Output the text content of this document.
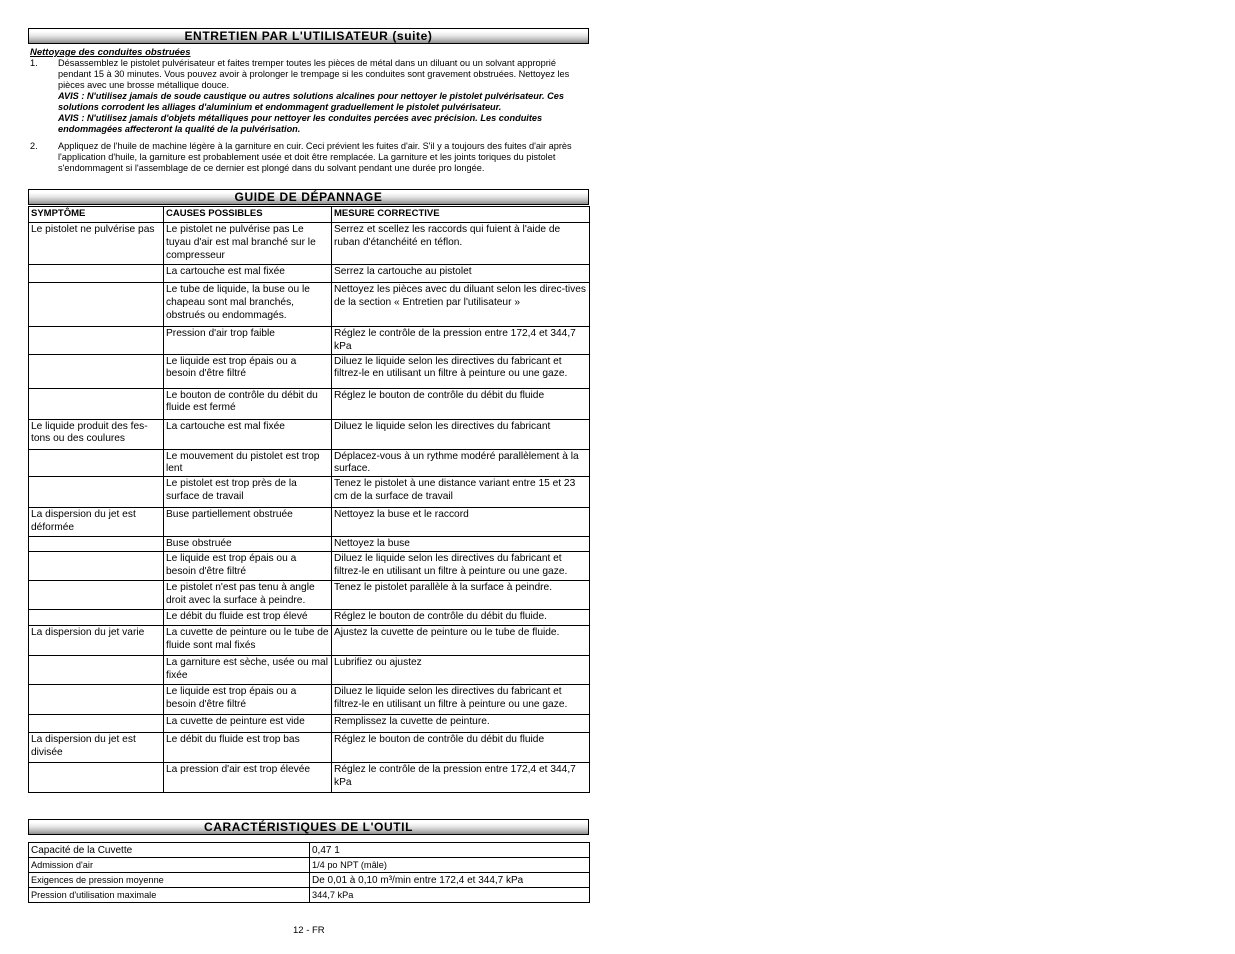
ENTRETIEN PAR L'UTILISATEUR (suite)
Nettoyage des conduites obstruées
1. Désassemblez le pistolet pulvérisateur et faites tremper toutes les pièces de métal dans un diluant ou un solvant approprié pendant 15 à 30 minutes. Vous pouvez avoir à prolonger le trempage si les conduites sont gravement obstruées. Nettoyez les pièces avec une brosse métallique douce.
AVIS : N'utilisez jamais de soude caustique ou autres solutions alcalines pour nettoyer le pistolet pulvérisateur. Ces solutions corrodent les alliages d'aluminium et endommagent graduellement le pistolet pulvérisateur.
AVIS : N'utilisez jamais d'objets métalliques pour nettoyer les conduites percées avec précision. Les conduites endommagées affecteront la qualité de la pulvérisation.
2. Appliquez de l'huile de machine légère à la garniture en cuir. Ceci prévient les fuites d'air. S'il y a toujours des fuites d'air après l'application d'huile, la garniture est probablement usée et doit être remplacée. La garniture et les joints toriques du pistolet s'endommagent si l'assemblage de ce dernier est plongé dans du solvant pendant une durée pro longée.
GUIDE DE DÉPANNAGE
SYMPTÔME	CAUSES POSSIBLES	MESURE CORRECTIVE
Le pistolet ne pulvérise pas	Le pistolet ne pulvérise pas Le tuyau d'air est mal branché sur le compresseur	Serrez et scellez les raccords qui fuient à l'aide de ruban d'étanchéité en téflon.
	La cartouche est mal fixée	Serrez la cartouche au pistolet
	Le tube de liquide, la buse ou le chapeau sont mal branchés, obstrués ou endommagés.	Nettoyez les pièces avec du diluant selon les direc-tives de la section « Entretien par l'utilisateur »
	Pression d'air trop faible	Réglez le contrôle de la pression entre 172,4 et 344,7 kPa
	Le liquide est trop épais ou a besoin d'être filtré	Diluez le liquide selon les directives du fabricant et filtrez-le en utilisant un filtre à peinture ou une gaze.
	Le bouton de contrôle du débit du fluide est fermé	Réglez le bouton de contrôle du débit du fluide
Le liquide produit des fes-tons ou des coulures	La cartouche est mal fixée	Diluez le liquide selon les directives du fabricant
	Le mouvement du pistolet est trop lent	Déplacez-vous à un rythme modéré parallèlement à la surface.
	Le pistolet est trop près de la surface de travail	Tenez le pistolet à une distance variant entre 15 et 23 cm de la surface de travail
La dispersion du jet est déformée	Buse partiellement obstruée	Nettoyez la buse et le raccord
	Buse obstruée	Nettoyez la buse
	Le liquide est trop épais ou a besoin d'être filtré	Diluez le liquide selon les directives du fabricant et filtrez-le en utilisant un filtre à peinture ou une gaze.
	Le pistolet n'est pas tenu à angle droit avec la surface à peindre.	Tenez le pistolet parallèle à la surface à peindre.
	Le débit du fluide est trop élevé	Réglez le bouton de contrôle du débit du fluide.
La dispersion du jet varie	La cuvette de peinture ou le tube de fluide sont mal fixés	Ajustez la cuvette de peinture ou le tube de fluide.
	La garniture est sèche, usée ou mal fixée	Lubrifiez ou ajustez
	Le liquide est trop épais ou a besoin d'être filtré	Diluez le liquide selon les directives du fabricant et filtrez-le en utilisant un filtre à peinture ou une gaze.
	La cuvette de peinture est vide	Remplissez la cuvette de peinture.
La dispersion du jet est divisée	Le débit du fluide est trop bas	Réglez le bouton de contrôle du débit du fluide
	La pression d'air est trop élevée	Réglez le contrôle de la pression entre 172,4 et 344,7 kPa
CARACTÉRISTIQUES DE L'OUTIL
Capacité de la Cuvette	0,47 1
Admission d'air	1/4 po NPT (mâle)
Exigences de pression moyenne	De 0,01 à 0,10 m³/min entre 172,4 et 344,7 kPa
Pression d'utilisation maximale	344,7 kPa
12 - FR
